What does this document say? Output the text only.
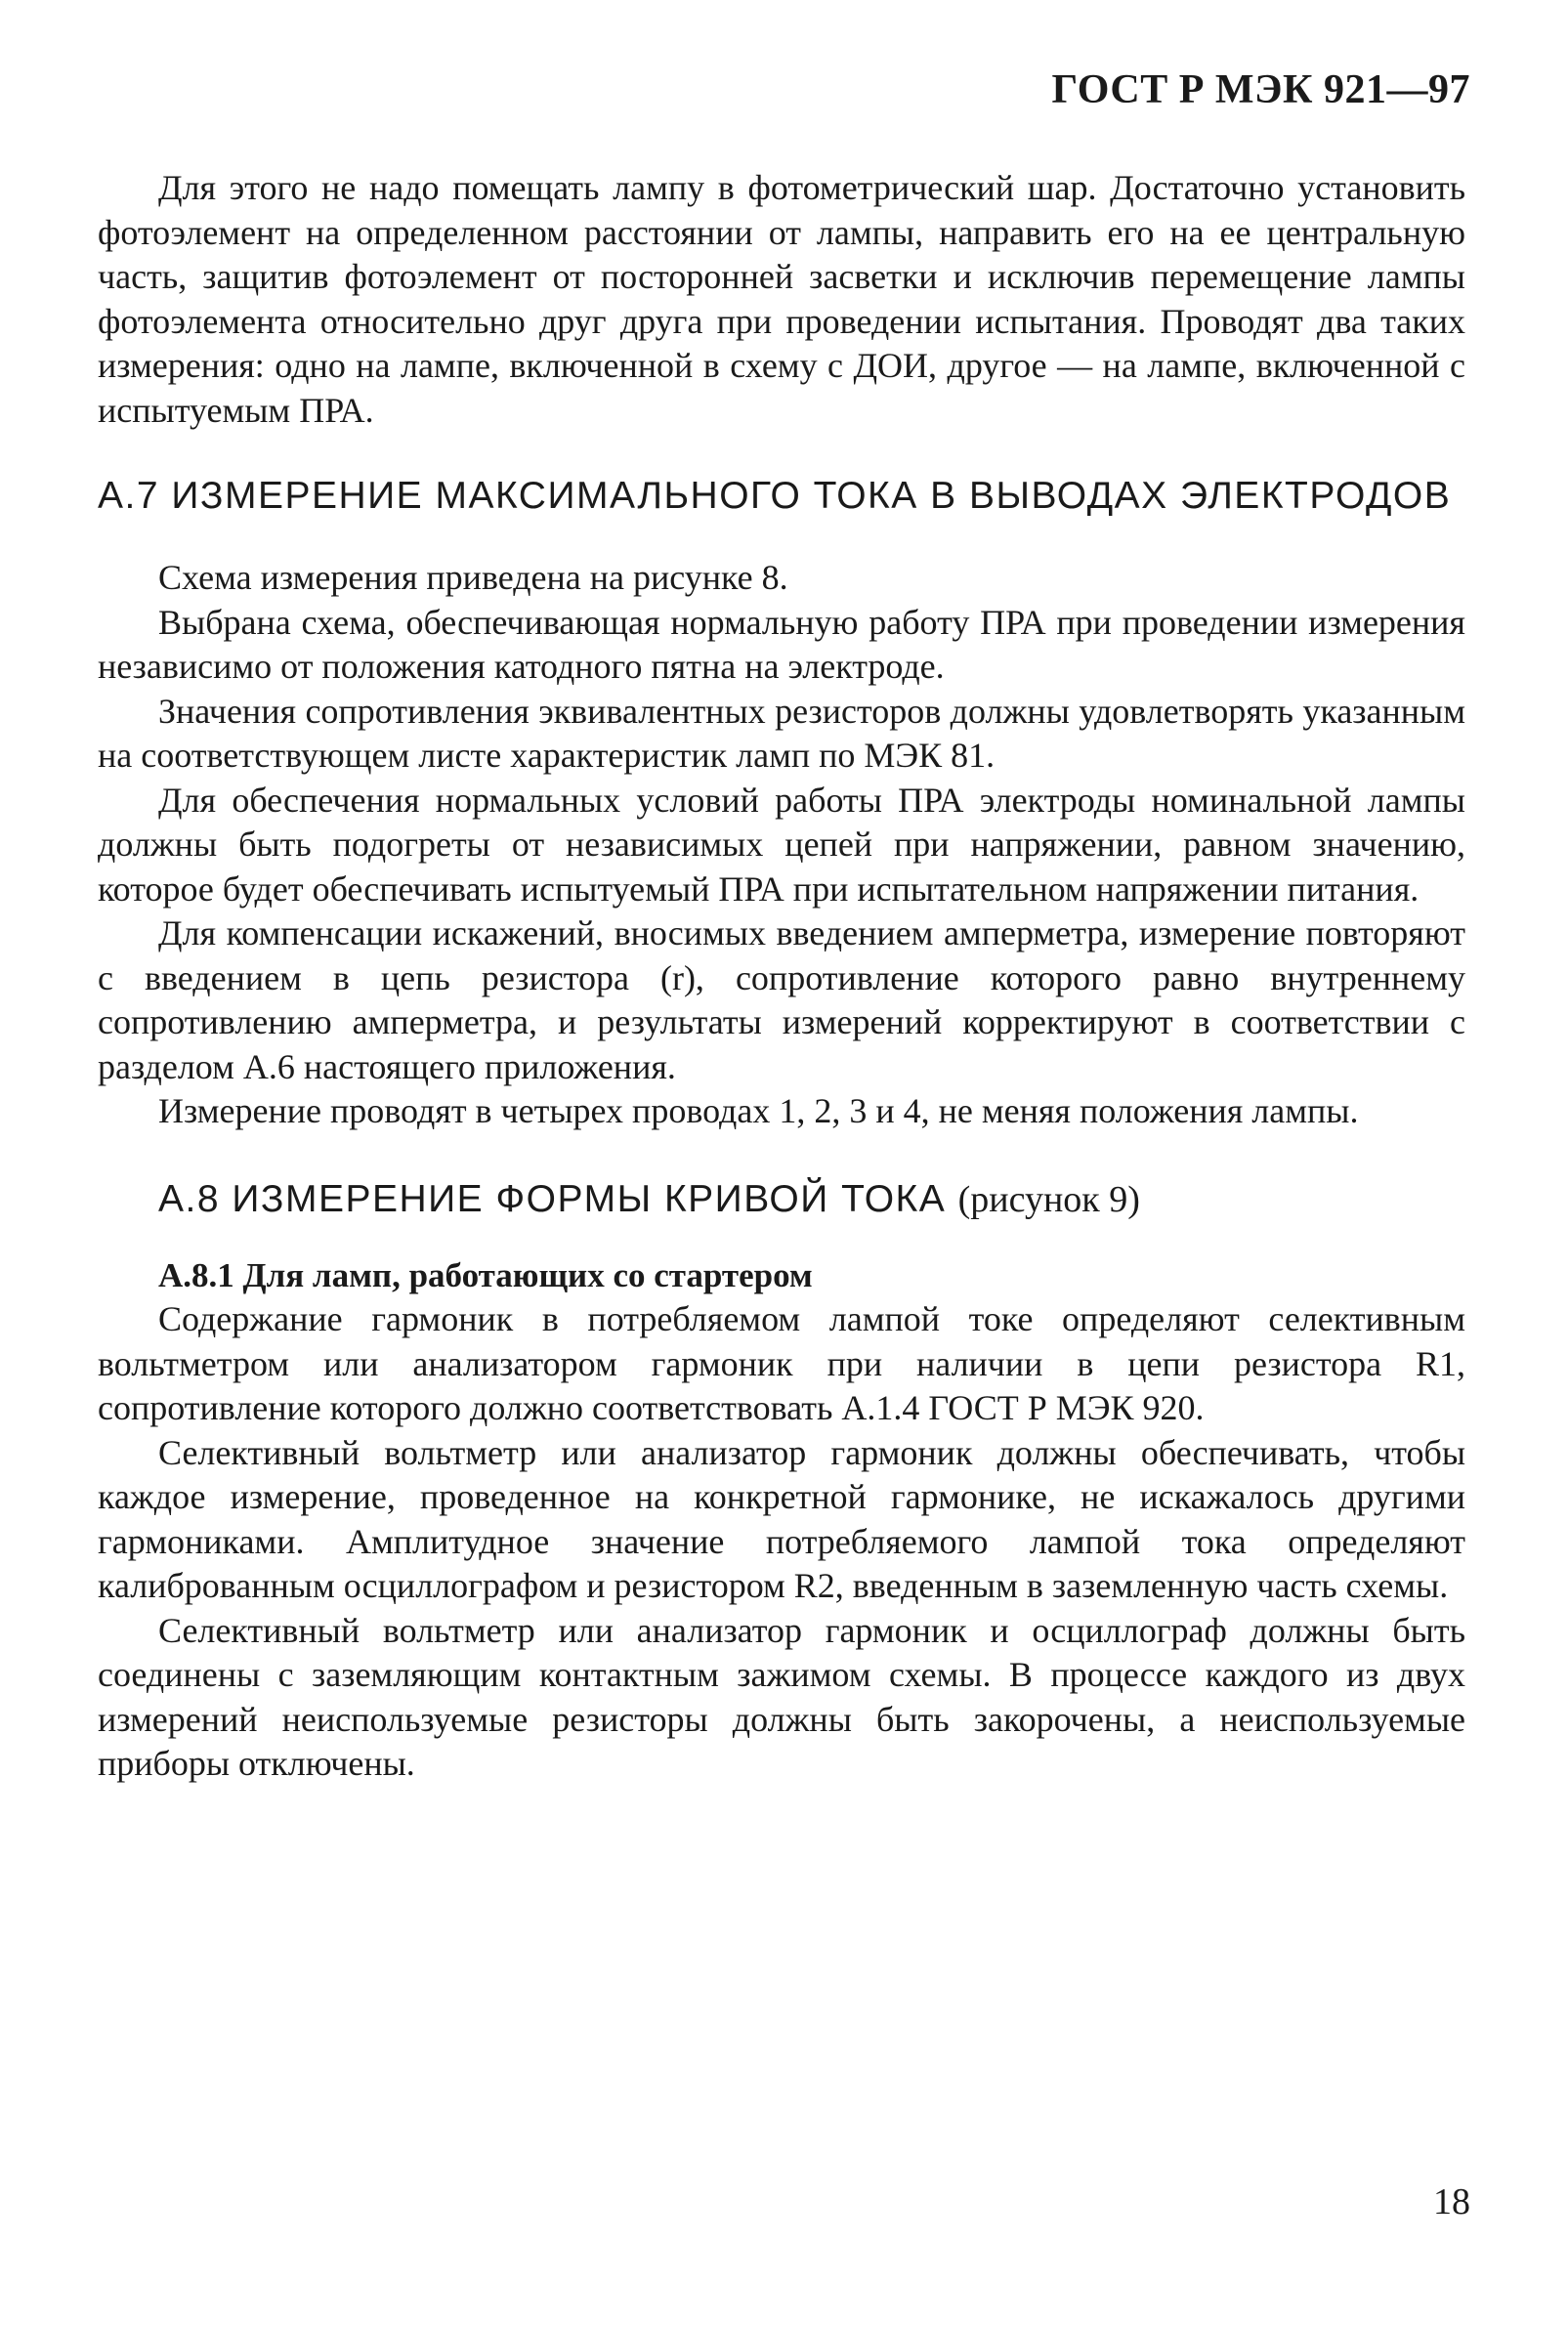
ГОСТ Р МЭК 921—97

Для этого не надо помещать лампу в фотометрический шар. Достаточно установить фотоэлемент на определенном расстоянии от лампы, направить его на ее центральную часть, защитив фотоэлемент от посторонней засветки и исключив перемещение лампы фотоэлемента относительно друг друга при проведении испытания. Проводят два таких измерения: одно на лампе, включенной в схему с ДОИ, другое — на лампе, включенной с испытуемым ПРА.

А.7 ИЗМЕРЕНИЕ МАКСИМАЛЬНОГО ТОКА В ВЫВОДАХ ЭЛЕКТРОДОВ

Схема измерения приведена на рисунке 8.

Выбрана схема, обеспечивающая нормальную работу ПРА при проведении измерения независимо от положения катодного пятна на электроде.

Значения сопротивления эквивалентных резисторов должны удовлетворять указанным на соответствующем листе характеристик ламп по МЭК 81.

Для обеспечения нормальных условий работы ПРА электроды номинальной лампы должны быть подогреты от независимых цепей при напряжении, равном значению, которое будет обеспечивать испытуемый ПРА при испытательном напряжении питания.

Для компенсации искажений, вносимых введением амперметра, измерение повторяют с введением в цепь резистора (r), сопротивление которого равно внутреннему сопротивлению амперметра, и результаты измерений корректируют в соответствии с разделом А.6 настоящего приложения.

Измерение проводят в четырех проводах 1, 2, 3 и 4, не меняя положения лампы.

А.8 ИЗМЕРЕНИЕ ФОРМЫ КРИВОЙ ТОКА (рисунок 9)
А.8.1 Для ламп, работающих со стартером

Содержание гармоник в потребляемом лампой токе определяют селективным вольтметром или анализатором гармоник при наличии в цепи резистора R1, сопротивление которого должно соответствовать А.1.4 ГОСТ Р МЭК 920.

Селективный вольтметр или анализатор гармоник должны обеспечивать, чтобы каждое измерение, проведенное на конкретной гармонике, не искажалось другими гармониками. Амплитудное значение потребляемого лампой тока определяют калиброванным осциллографом и резистором R2, введенным в заземленную часть схемы.

Селективный вольтметр или анализатор гармоник и осциллограф должны быть соединены с заземляющим контактным зажимом схемы. В процессе каждого из двух измерений неиспользуемые резисторы должны быть закорочены, а неиспользуемые приборы отключены.

18
